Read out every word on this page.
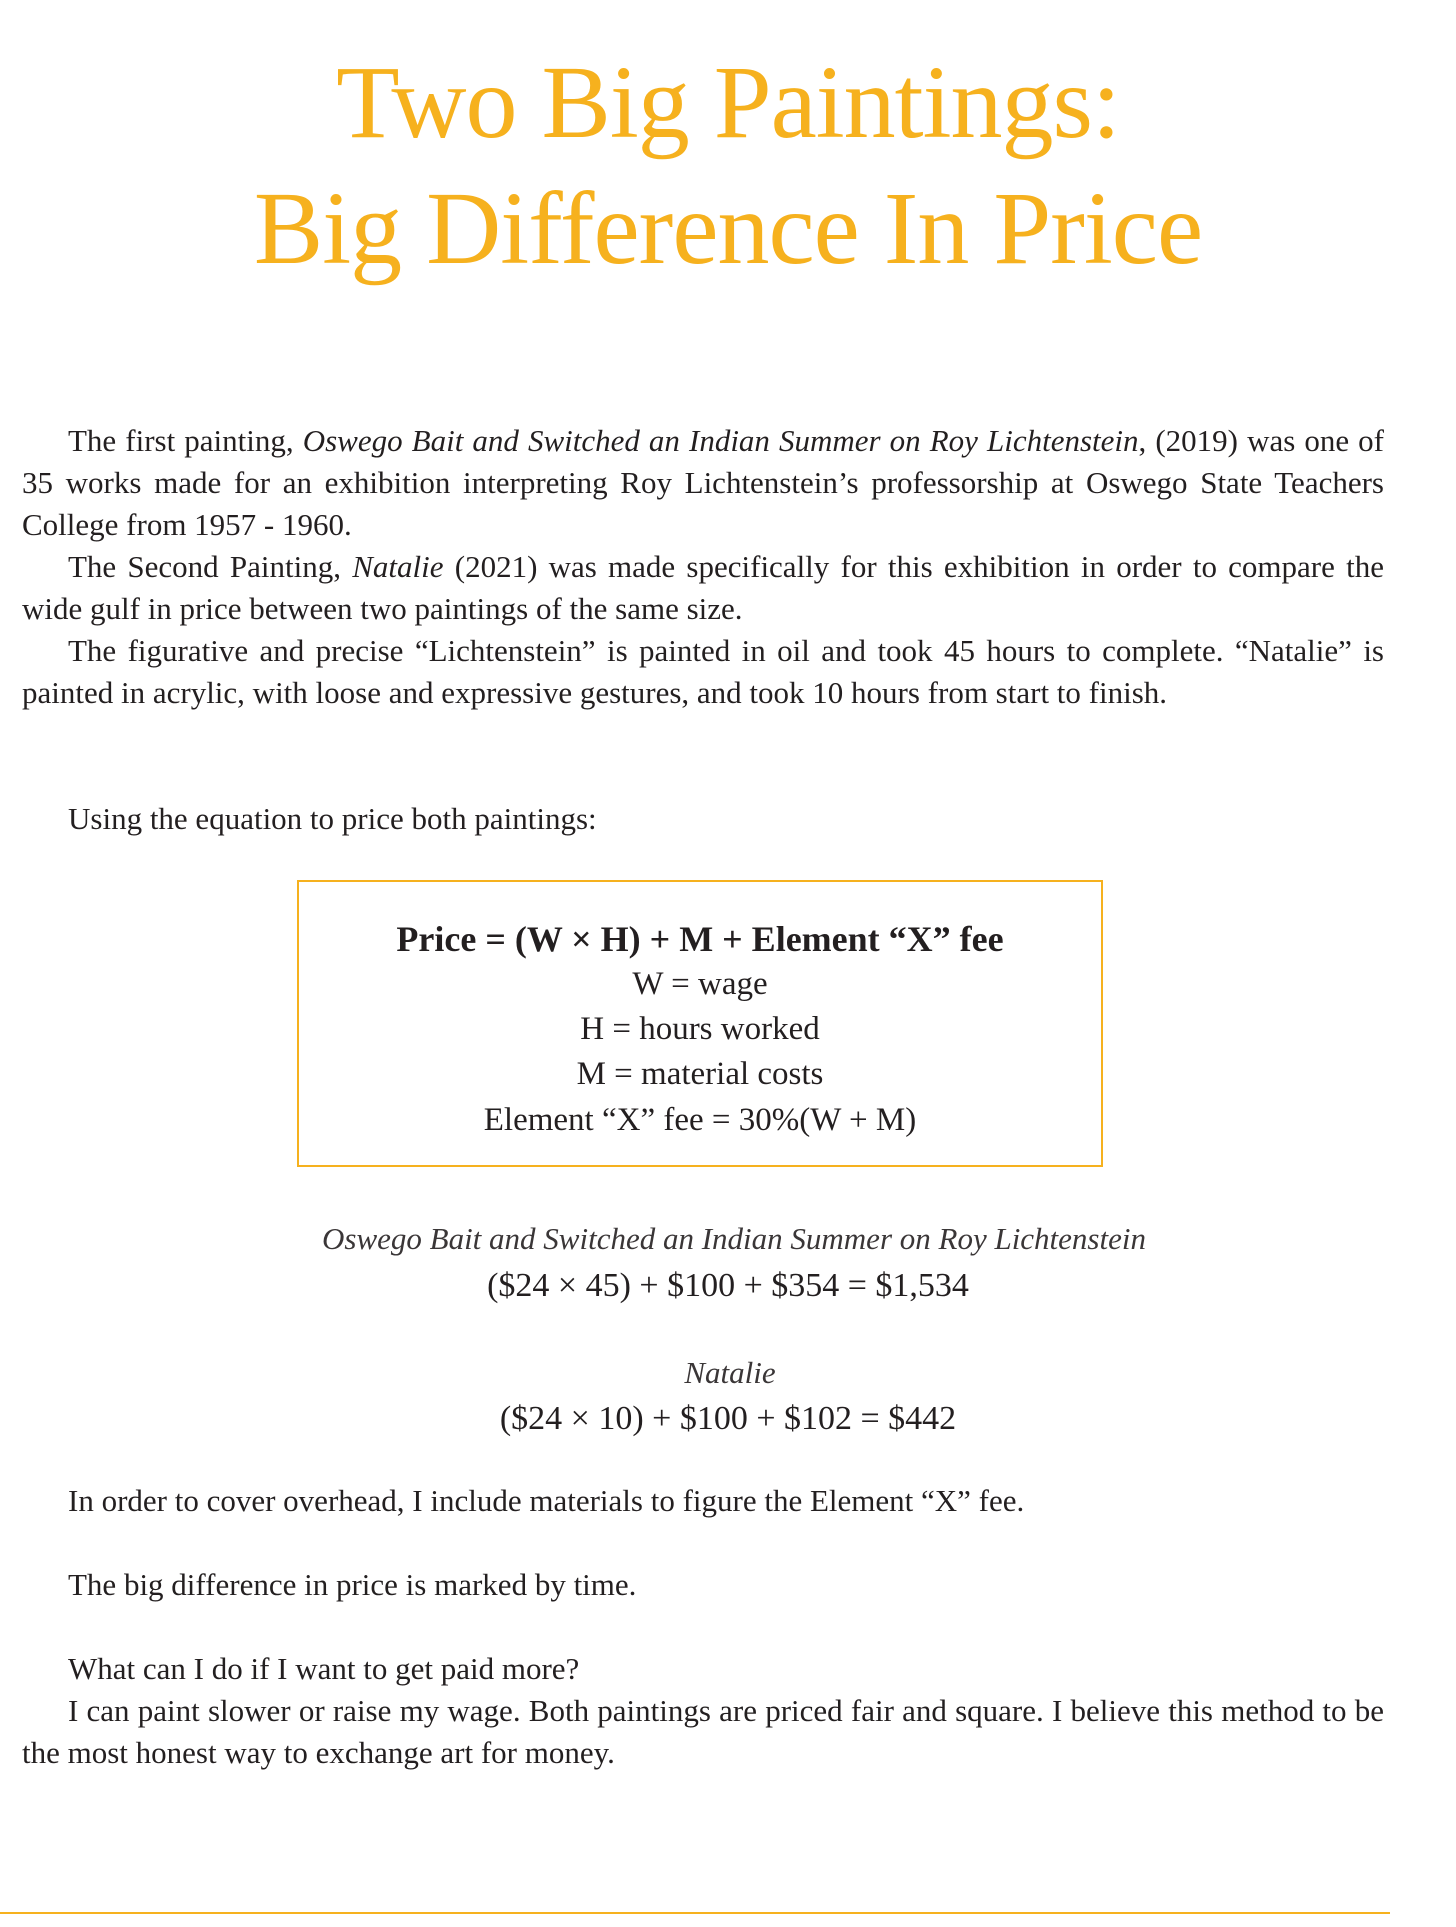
Two Big Paintings:
Big Difference In Price

The first painting, Oswego Bait and Switched an Indian Summer on Roy Lichtenstein, (2019) was one of 35 works made for an exhibition interpreting Roy Lichtenstein’s professorship at Oswego State Teachers College from 1957 - 1960.

The Second Painting, Natalie (2021) was made specifically for this exhibition in order to compare the wide gulf in price between two paintings of the same size.

The figurative and precise “Lichtenstein” is painted in oil and took 45 hours to complete. “Natalie” is painted in acrylic, with loose and expressive gestures, and took 10 hours from start to finish.

Using the equation to price both paintings:

Price = (W × H) + M + Element “X” fee
W = wage
H = hours worked
M = material costs
Element “X” fee = 30%(W + M)

Oswego Bait and Switched an Indian Summer on Roy Lichtenstein

($24 × 45) + $100 + $354 = $1,534

Natalie

($24 × 10) + $100 + $102 = $442

In order to cover overhead, I include materials to figure the Element “X” fee.

The big difference in price is marked by time.

What can I do if I want to get paid more?

I can paint slower or raise my wage. Both paintings are priced fair and square. I believe this method to be the most honest way to exchange art for money.
